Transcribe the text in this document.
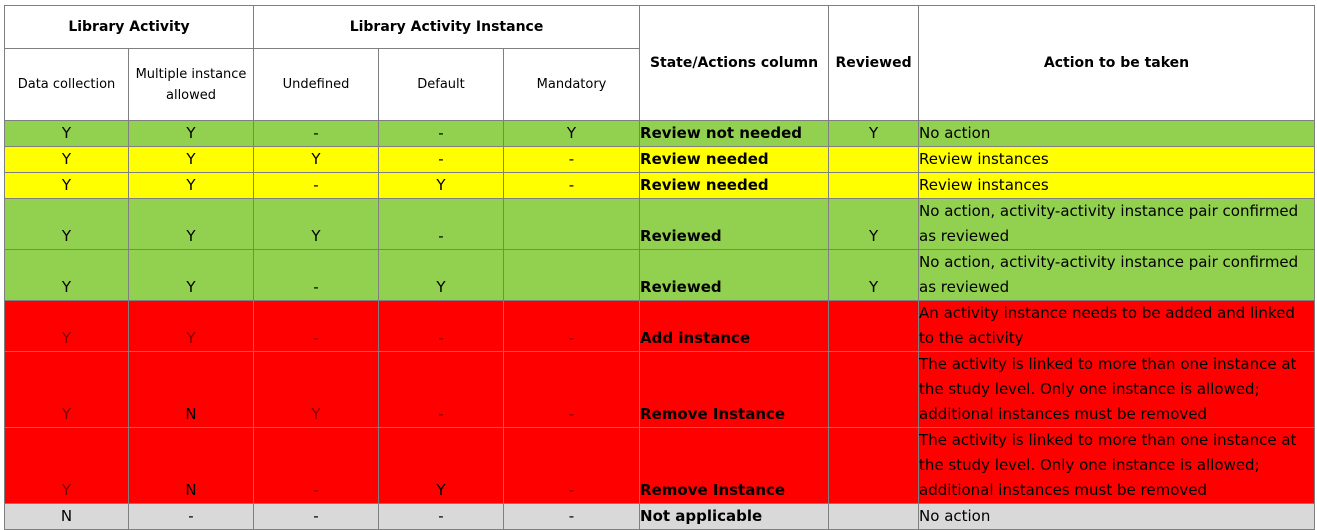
Library Activity		Library Activity Instance			State/Actions column	Reviewed	Action to be taken
Data collection	Multiple instance allowed	Undefined	Default	Mandatory			
Y	Y	-	-	Y	Review not needed	Y	No action
Y	Y	Y	-	-	Review needed		Review instances
Y	Y	-	Y	-	Review needed		Review instances
Y	Y	Y	-		Reviewed	Y	No action, activity-activity instance pair confirmed
as reviewed

Y	Y	-	Y		Reviewed	Y	No action, activity-activity instance pair confirmed
as reviewed

Y	Y	-	-	-	Add instance		An activity instance needs to be added and linked
to the activity

Y	N	Y	-	-	Remove Instance		The activity is linked to more than one instance at
the study level. Only one instance is allowed;
additional instances must be removed

Y	N	-	Y	-	Remove Instance		The activity is linked to more than one instance at
the study level. Only one instance is allowed;
additional instances must be removed

N	-	-	-	-	Not applicable		No action
